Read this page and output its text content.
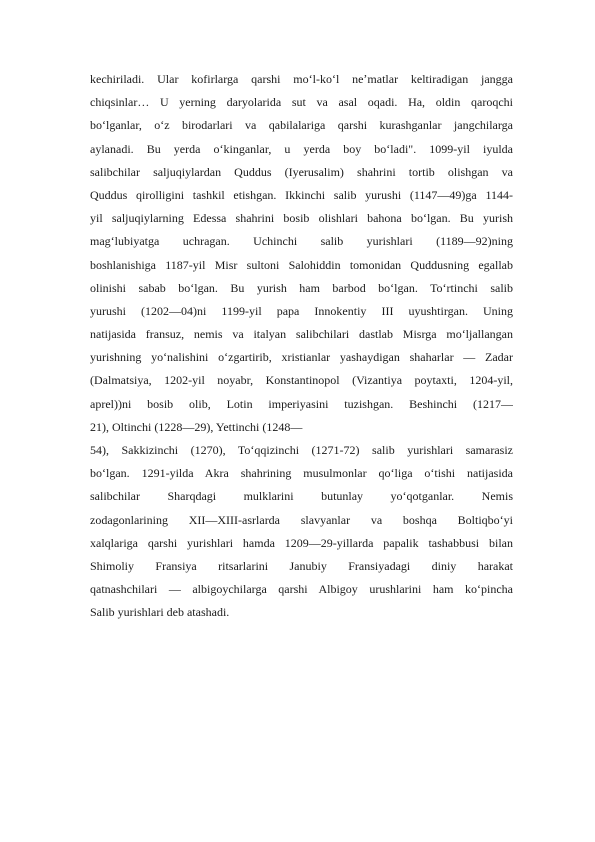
kechiriladi. Ular kofirlarga qarshi moʻl-koʻl neʼmatlar keltiradigan jangga
chiqsinlar… U yerning daryolarida sut va asal oqadi. Ha, oldin qaroqchi
boʻlganlar, oʻz birodarlari va qabilalariga qarshi kurashganlar jangchilarga
aylanadi. Bu yerda oʻkinganlar, u yerda boy boʻladi". 1099-yil iyulda
salibchilar saljuqiylardan Quddus (Iyerusalim) shahrini tortib olishgan va
Quddus qirolligini tashkil etishgan. Ikkinchi salib yurushi (1147—49)ga 1144-
yil saljuqiylarning Edessa shahrini bosib olishlari bahona boʻlgan. Bu yurish
magʻlubiyatga uchragan. Uchinchi salib yurishlari (1189—92)ning
boshlanishiga 1187-yil Misr sultoni Salohiddin tomonidan Quddusning egallab
olinishi sabab boʻlgan. Bu yurish ham barbod boʻlgan. Toʻrtinchi salib
yurushi (1202—04)ni 1199-yil papa Innokentiy III uyushtirgan. Uning
natijasida fransuz, nemis va italyan salibchilari dastlab Misrga moʻljallangan
yurishning yoʻnalishini oʻzgartirib, xristianlar yashaydigan shaharlar — Zadar
(Dalmatsiya, 1202-yil noyabr, Konstantinopol (Vizantiya poytaxti, 1204-yil,
aprel))ni bosib olib, Lotin imperiyasini tuzishgan. Beshinchi (1217—
21), Oltinchi (1228—29), Yettinchi (1248—
54), Sakkizinchi (1270), Toʻqqizinchi (1271-72) salib yurishlari samarasiz
boʻlgan. 1291-yilda Akra shahrining musulmonlar qoʻliga oʻtishi natijasida
salibchilar Sharqdagi mulklarini butunlay yoʻqotganlar. Nemis
zodagonlarining XII—XIII-asrlarda slavyanlar va boshqa Boltiqboʻyi
xalqlariga qarshi yurishlari hamda 1209—29-yillarda papalik tashabbusi bilan
Shimoliy Fransiya ritsarlarini Janubiy Fransiyadagi diniy harakat
qatnashchilari — albigoychilarga qarshi Albigoy urushlarini ham koʻpincha
Salib yurishlari deb atashadi.
